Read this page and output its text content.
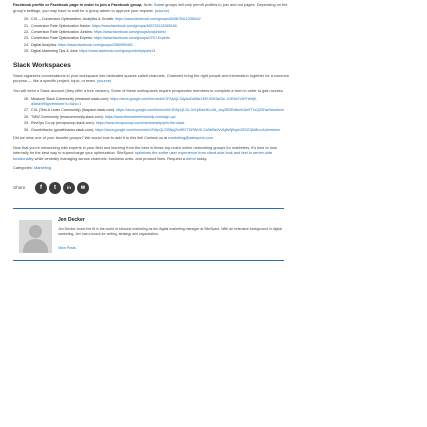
Facebook profile or Facebook page in order to join a Facebook group. Note: Some groups will only permit profiles to join and not pages. Depending on the group's settings, you may have to wait for a group admin to approve your request. (source)

20. CXL – Conversion Optimization, Analytics & Growth: https://www.facebook.com/groups/509676411205543/
21. Conversion Rate Optimization Hacks: https://www.facebook.com/groups/483732113289516/
22. Conversion Rate Optimization Junkies: https://www.facebook.com/groups/crojunkies/
23. Conversion Rate Optimization Experts: https://www.facebook.com/groups/CRO.Experts
24. Digital Analytics: https://www.facebook.com/groups/2969990401
25. Digital Marketing Tips & Jobs: https://www.facebook.com/groups/dmtipsjobs13
Slack Workspaces

Slack organizes conversations in your workspace into dedicated spaces called channels. Channels bring the right people and information together for a common purpose — like a specific project, topic, or team. (source)

You will need a Slack account (they offer a free version). Some of these workspaces require prospective members to complete a form in order to gain access.

26. Measure Slack Community (measure.slack.com): https://docs.google.com/forms/d/e/1FAIpQLSdyAoDcB8z1EEIJ0W4sGIn-1GK9e1V8YHe6jK-a5dsbVtNg/viewform?c=0&w=1
27. CXL (Test & Learn Community) (tlcspace.slack.com): https://docs.google.com/forms/d/e/1FAIpQLSc-3nYpDsAfKxJ4k_zwy3B3RotkmKAe9T7uQZ0Hw/viewform
28. TMW Community (tmwcommunity.slack.com): https://www.themarketerweekly.com/sign-up/
29. RevOps Co-op (revopscoop.slack.com): https://www.revopscoop.com/membership/join-the-slack
30. GrowthHacks (growthhacks.slack.com): https://docs.google.com/forms/d/e/1FAIpQLSf3NpjZm9B77GRWUK-Za9M3s0vVAj8v0jBvph25SGQM8LmA/viewform

Did we miss one of your favorite groups? We would love to add it to this list! Contact us at marketing@sitespect.com

Now that you're networking with experts in your field and learning from the best in these top-notch online networking groups for marketers, it's time to look internally for the best way to supercharge your optimization. SiteSpect optimizes the entire user experience from client-side look and feel to server-side functionality while centrally managing across channels, business units, and product lines. Request a demo today.

Categories: Marketing

Share	f	t	in	✉
Jen Decker
Jen Decker found her fit in the world of inbound marketing as the digital marketing manager at SiteSpect. With an extensive background in digital marketing, Jen has a knack for writing, strategy and organization.
View Posts
